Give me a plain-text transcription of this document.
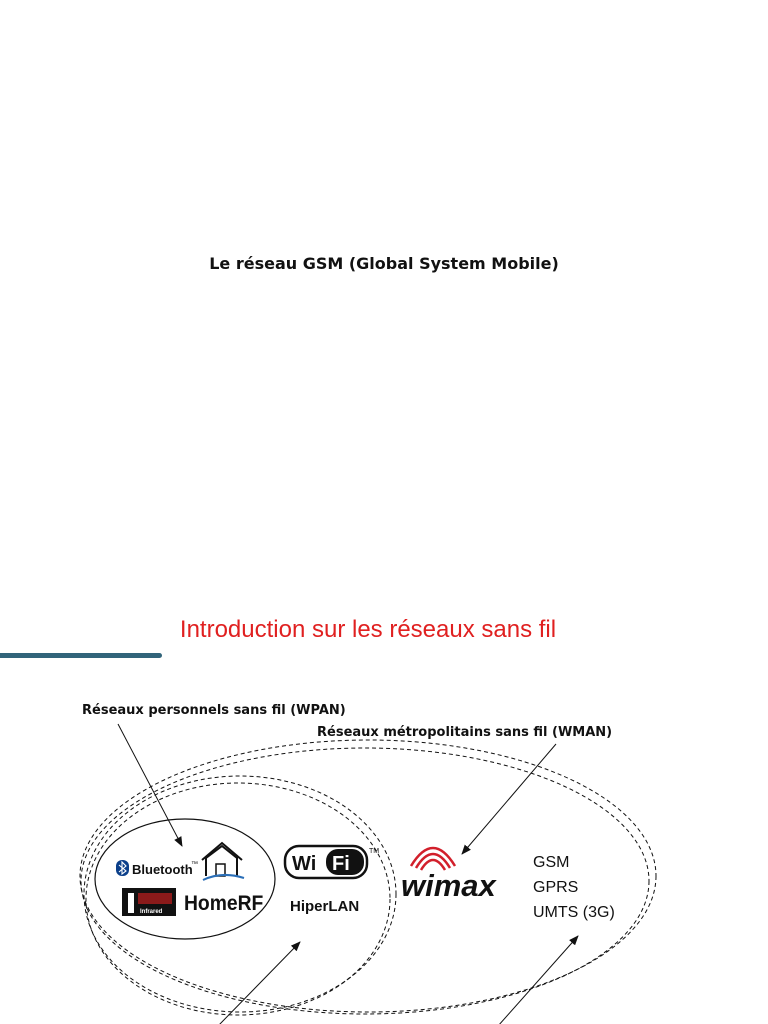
Le réseau GSM (Global System Mobile)
Introduction sur les réseaux sans fil
Réseaux personnels sans fil (WPAN)
Réseaux métropolitains sans fil (WMAN)
Bluetooth
™
HomeRF
Infrared
Wi Fi
TM
HiperLAN
wimax
GSM
GPRS
UMTS (3G)
